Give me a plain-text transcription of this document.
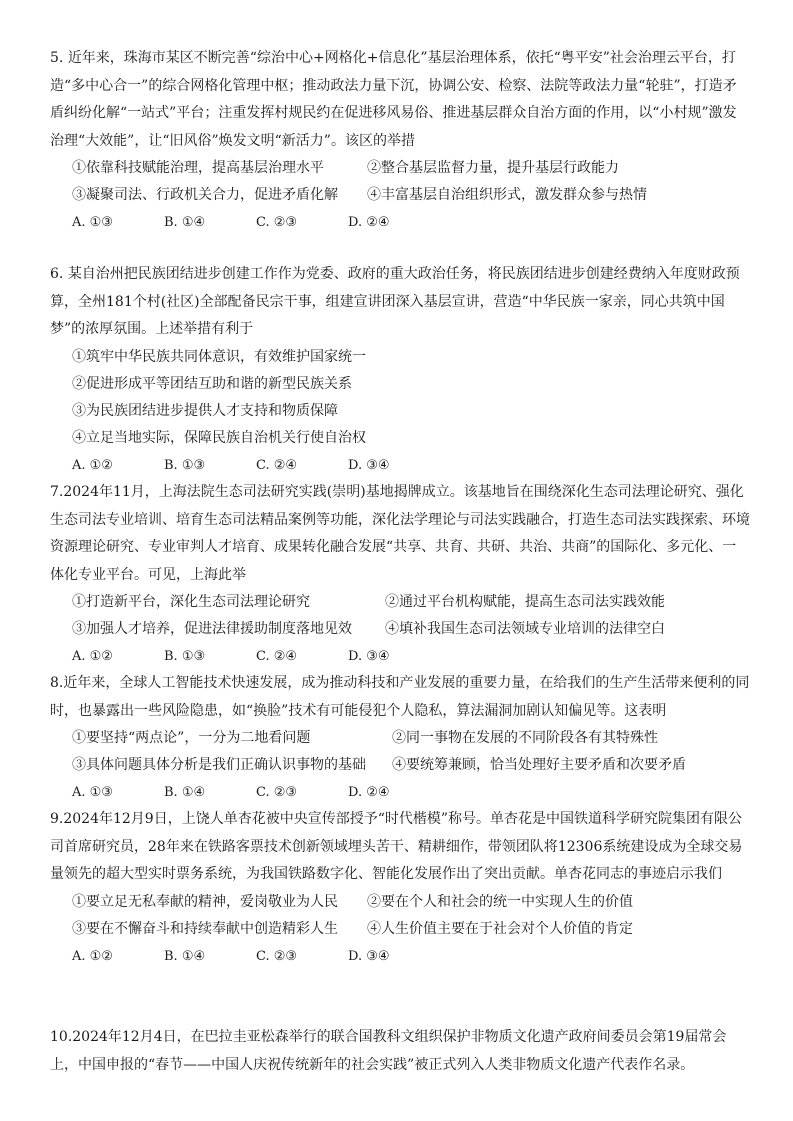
5. 近年来，珠海市某区不断完善“综治中心+网格化+信息化”基层治理体系，依托“粤平安”社会治理云平台，打造“多中心合一”的综合网格化管理中枢；推动政法力量下沉，协调公安、检察、法院等政法力量“轮驻”，打造矛盾纠纷化解“一站式”平台；注重发挥村规民约在促进移风易俗、推进基层群众自治方面的作用，以“小村规”激发治理“大效能”，让“旧风俗”焕发文明“新活力”。该区的举措

①依靠科技赋能治理，提高基层治理水平	②整合基层监督力量，提升基层行政能力
③凝聚司法、行政机关合力，促进矛盾化解	④丰富基层自治组织形式，激发群众参与热情
A. ①③	B. ①④	C. ②③	D. ②④

6. 某自治州把民族团结进步创建工作作为党委、政府的重大政治任务，将民族团结进步创建经费纳入年度财政预算，全州181个村(社区)全部配备民宗干事，组建宣讲团深入基层宣讲，营造“中华民族一家亲，同心共筑中国梦”的浓厚氛围。上述举措有利于

①筑牢中华民族共同体意识，有效维护国家统一
②促进形成平等团结互助和谐的新型民族关系
③为民族团结进步提供人才支持和物质保障
④立足当地实际，保障民族自治机关行使自治权
A. ①②	B. ①③	C. ②④	D. ③④

7.2024年11月，上海法院生态司法研究实践(崇明)基地揭牌成立。该基地旨在围绕深化生态司法理论研究、强化生态司法专业培训、培育生态司法精品案例等功能，深化法学理论与司法实践融合，打造生态司法实践探索、环境资源理论研究、专业审判人才培育、成果转化融合发展“共享、共育、共研、共治、共商”的国际化、多元化、一体化专业平台。可见，上海此举

①打造新平台，深化生态司法理论研究	②通过平台机构赋能，提高生态司法实践效能
③加强人才培养，促进法律援助制度落地见效	④填补我国生态司法领域专业培训的法律空白
A. ①②	B. ①③	C. ②④	D. ③④

8.近年来，全球人工智能技术快速发展，成为推动科技和产业发展的重要力量，在给我们的生产生活带来便利的同时，也暴露出一些风险隐患，如“换脸”技术有可能侵犯个人隐私，算法漏洞加剧认知偏见等。这表明

①要坚持“两点论”，一分为二地看问题	②同一事物在发展的不同阶段各有其特殊性
③具体问题具体分析是我们正确认识事物的基础	④要统筹兼顾，恰当处理好主要矛盾和次要矛盾
A. ①③	B. ①④	C. ②③	D. ②④

9.2024年12月9日，上饶人单杏花被中央宣传部授予“时代楷模”称号。单杏花是中国铁道科学研究院集团有限公司首席研究员，28年来在铁路客票技术创新领域埋头苦干、精耕细作，带领团队将12306系统建设成为全球交易量领先的超大型实时票务系统，为我国铁路数字化、智能化发展作出了突出贡献。单杏花同志的事迹启示我们

①要立足无私奉献的精神，爱岗敬业为人民	②要在个人和社会的统一中实现人生的价值
③要在不懈奋斗和持续奉献中创造精彩人生	④人生价值主要在于社会对个人价值的肯定
A. ①②	B. ①④	C. ②③	D. ③④

10.2024年12月4日，在巴拉圭亚松森举行的联合国教科文组织保护非物质文化遗产政府间委员会第19届常会上，中国申报的“春节——中国人庆祝传统新年的社会实践”被正式列入人类非物质文化遗产代表作名录。
